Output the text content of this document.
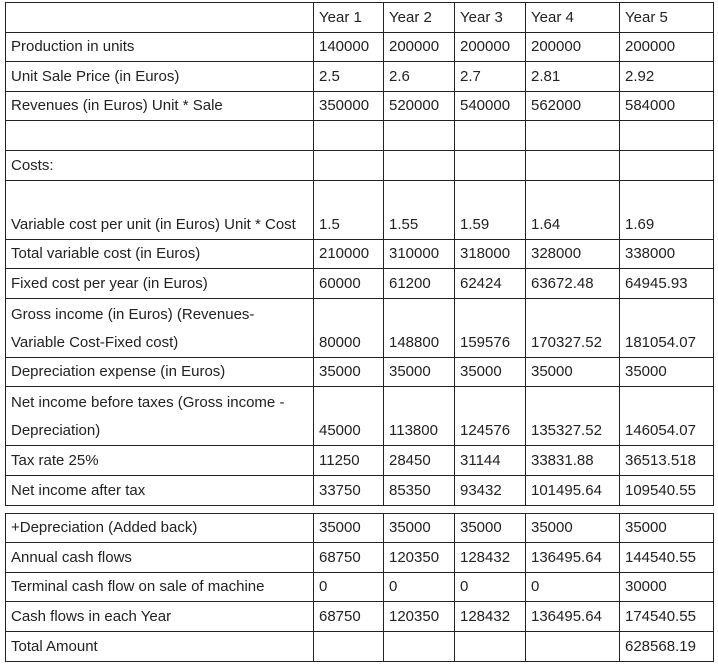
	Year 1	Year 2	Year 3	Year 4	Year 5
Production in units	140000	200000	200000	200000	200000
Unit Sale Price (in Euros)	2.5	2.6	2.7	2.81	2.92
Revenues (in Euros) Unit * Sale	350000	520000	540000	562000	584000

Costs:					
Variable cost per unit (in Euros) Unit * Cost	1.5	1.55	1.59	1.64	1.69
Total variable cost (in Euros)	210000	310000	318000	328000	338000
Fixed cost per year (in Euros)	60000	61200	62424	63672.48	64945.93
Gross income (in Euros) (Revenues-Variable Cost-Fixed cost)	80000	148800	159576	170327.52	181054.07
Depreciation expense (in Euros)	35000	35000	35000	35000	35000
Net income before taxes (Gross income - Depreciation)	45000	113800	124576	135327.52	146054.07
Tax rate 25%	11250	28450	31144	33831.88	36513.518
Net income after tax	33750	85350	93432	101495.64	109540.55

+Depreciation (Added back)	35000	35000	35000	35000	35000
Annual cash flows	68750	120350	128432	136495.64	144540.55
Terminal cash flow on sale of machine	0	0	0	0	30000
Cash flows in each Year	68750	120350	128432	136495.64	174540.55
Total Amount					628568.19
